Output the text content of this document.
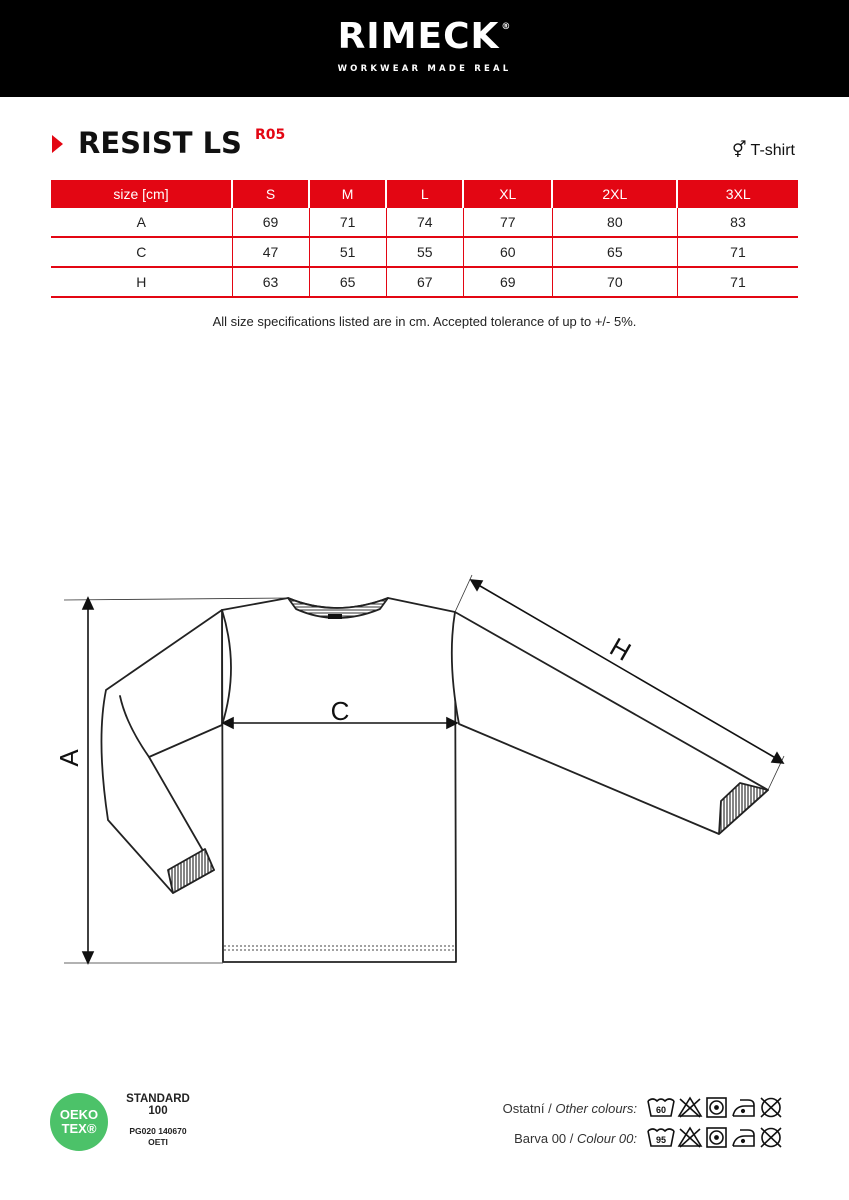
RIMECK ®
WORKWEAR MADE REAL
RESIST LS R05
⚥ T-shirt
size [cm]	S	M	L	XL	2XL	3XL
A	69	71	74	77	80	83
C	47	51	55	60	65	71
H	63	65	67	69	70	71
All size specifications listed are in cm. Accepted tolerance of up to +/- 5%.
A
C
H
OEKO
TEX®
STANDARD
100
PG020 140670
OETI
Ostatní / Other colours:
Barva 00 / Colour 00:
60
95
